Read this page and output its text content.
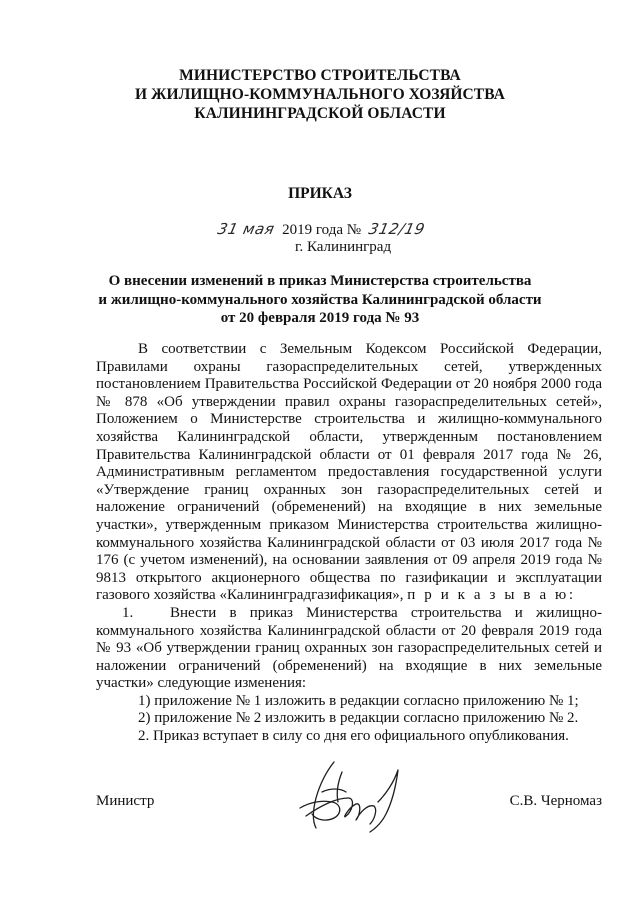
МИНИСТЕРСТВО СТРОИТЕЛЬСТВА
И ЖИЛИЩНО-КОММУНАЛЬНОГО ХОЗЯЙСТВА
КАЛИНИНГРАДСКОЙ ОБЛАСТИ
ПРИКАЗ
31 мая 2019 года № 312/19
г. Калининград
О внесении изменений в приказ Министерства строительства
и жилищно-коммунального хозяйства Калининградской области
от 20 февраля 2019 года № 93

В соответствии с Земельным Кодексом Российской Федерации, Правилами охраны газораспределительных сетей, утвержденных постановлением Правительства Российской Федерации от 20 ноября 2000 года № 878 «Об утверждении правил охраны газораспределительных сетей», Положением о Министерстве строительства и жилищно-коммунального хозяйства Калининградской области, утвержденным постановлением Правительства Калининградской области от 01 февраля 2017 года № 26, Административным регламентом предоставления государственной услуги «Утверждение границ охранных зон газораспределительных сетей и наложение ограничений (обременений) на входящие в них земельные участки», утвержденным приказом Министерства строительства жилищно-коммунального хозяйства Калининградской области от 03 июля 2017 года № 176 (с учетом изменений), на основании заявления от 09 апреля 2019 года № 9813 открытого акционерного общества по газификации и эксплуатации газового хозяйства «Калининградгазификация», п р и к а з ы в а ю:

1. Внести в приказ Министерства строительства и жилищно-коммунального хозяйства Калининградской области от 20 февраля 2019 года № 93 «Об утверждении границ охранных зон газораспределительных сетей и наложении ограничений (обременений) на входящие в них земельные участки» следующие изменения:

1) приложение № 1 изложить в редакции согласно приложению № 1;

2) приложение № 2 изложить в редакции согласно приложению № 2.

2. Приказ вступает в силу со дня его официального опубликования.

Министр	С.В. Черномаз
